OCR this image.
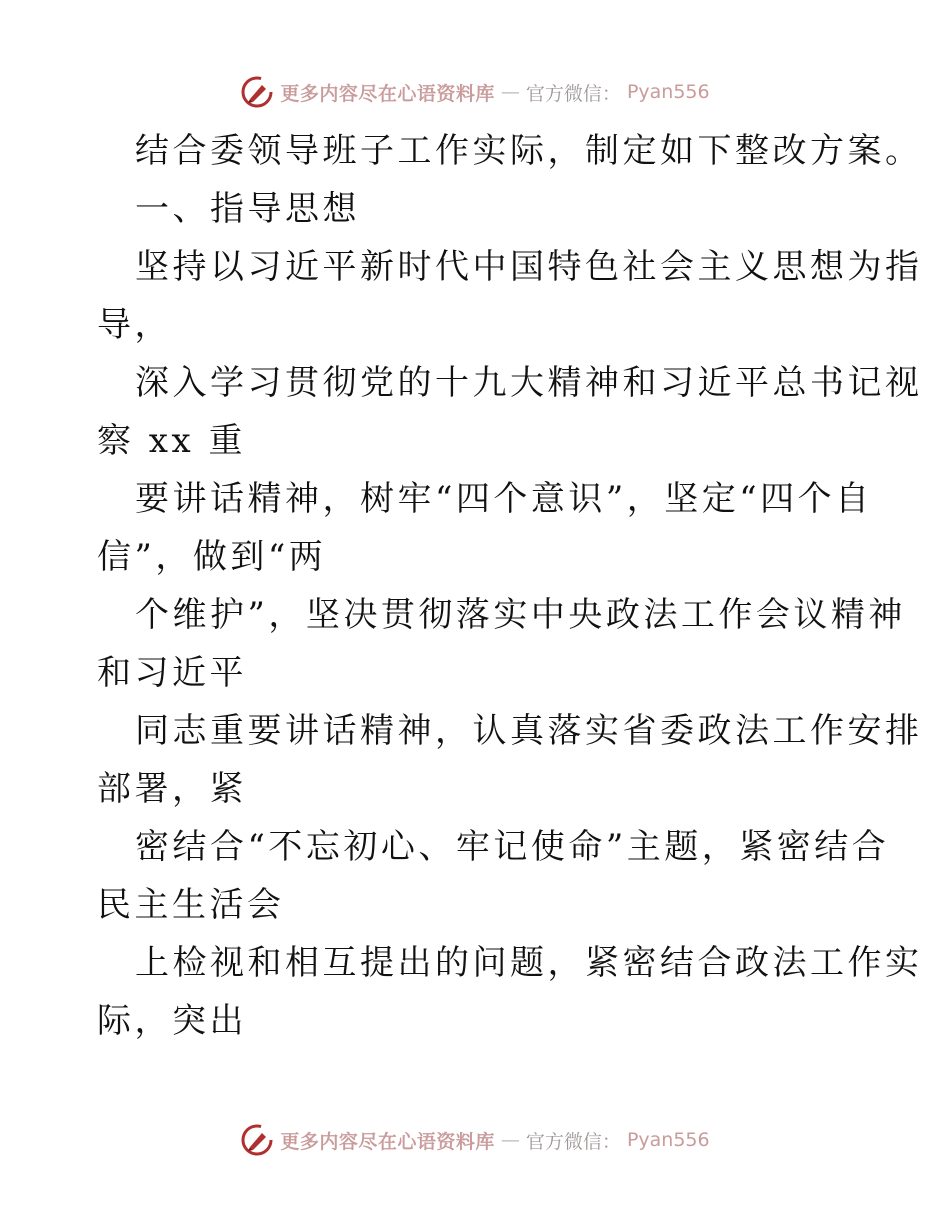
更多内容尽在心语资料库 — 官方微信： Pyan556
结合委领导班子工作实际，制定如下整改方案。
一、指导思想
坚持以习近平新时代中国特色社会主义思想为指
导，
深入学习贯彻党的十九大精神和习近平总书记视
察 xx 重
要讲话精神，树牢“四个意识”，坚定“四个自
信”，做到“两
个维护”，坚决贯彻落实中央政法工作会议精神
和习近平
同志重要讲话精神，认真落实省委政法工作安排
部署，紧
密结合“不忘初心、牢记使命”主题，紧密结合
民主生活会
上检视和相互提出的问题，紧密结合政法工作实
际，突出
更多内容尽在心语资料库 — 官方微信： Pyan556
